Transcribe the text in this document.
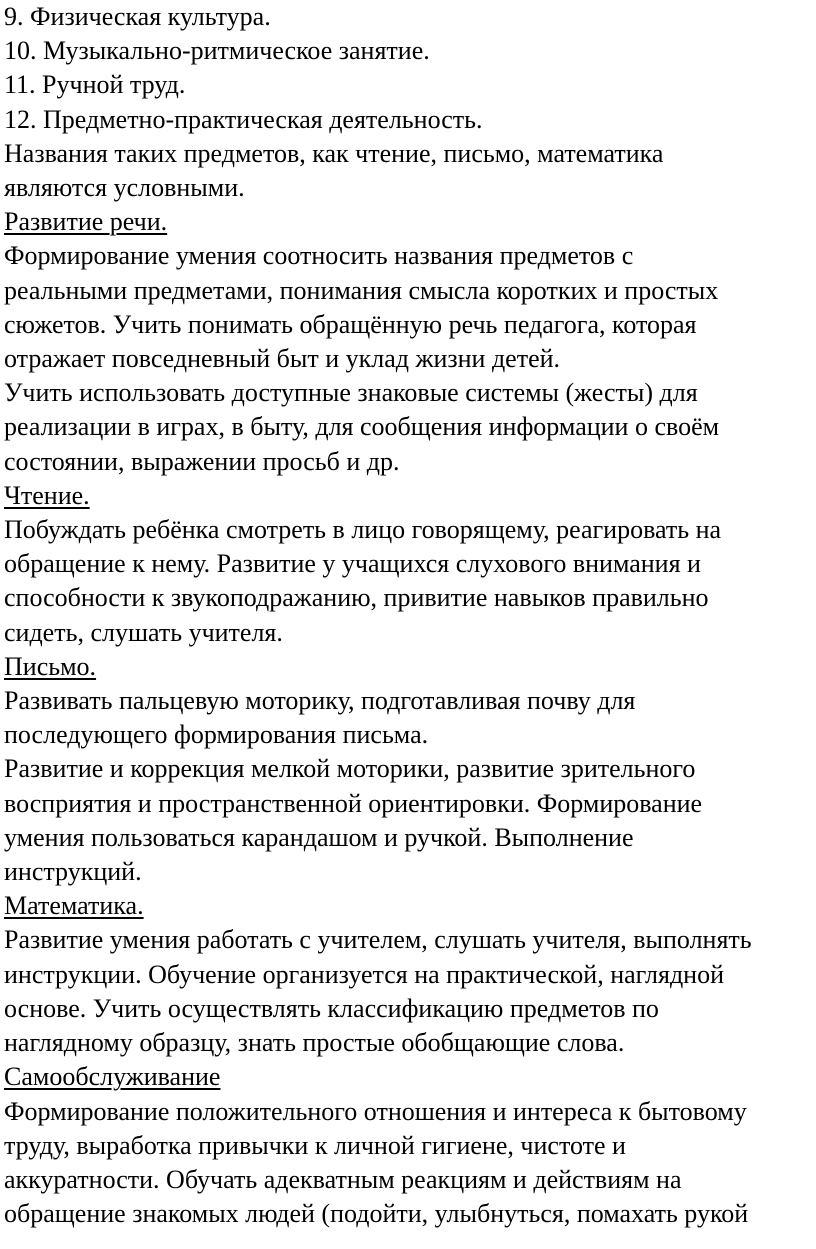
9. Физическая культура.
10. Музыкально-ритмическое занятие.
11. Ручной труд.
12. Предметно-практическая деятельность.
Названия таких предметов, как чтение, письмо, математика
являются условными.
Развитие речи.
Формирование умения соотносить названия предметов с
реальными предметами, понимания смысла коротких и простых
сюжетов. Учить понимать обращённую речь педагога, которая
отражает повседневный быт и уклад жизни детей.
Учить использовать доступные знаковые системы (жесты) для
реализации в играх, в быту, для сообщения информации о своём
состоянии, выражении просьб и др.
Чтение.
Побуждать ребёнка смотреть в лицо говорящему, реагировать на
обращение к нему. Развитие у учащихся слухового внимания и
способности к звукоподражанию, привитие навыков правильно
сидеть, слушать учителя.
Письмо.
Развивать пальцевую моторику, подготавливая почву для
последующего формирования письма.
Развитие и коррекция мелкой моторики, развитие зрительного
восприятия и пространственной ориентировки. Формирование
умения пользоваться карандашом и ручкой. Выполнение
инструкций.
Математика.
Развитие умения работать с учителем, слушать учителя, выполнять
инструкции. Обучение организуется на практической, наглядной
основе. Учить осуществлять классификацию предметов по
наглядному образцу, знать простые обобщающие слова.
Самообслуживание
Формирование положительного отношения и интереса к бытовому
труду, выработка привычки к личной гигиене, чистоте и
аккуратности. Обучать адекватным реакциям и действиям на
обращение знакомых людей (подойти, улыбнуться, помахать рукой
